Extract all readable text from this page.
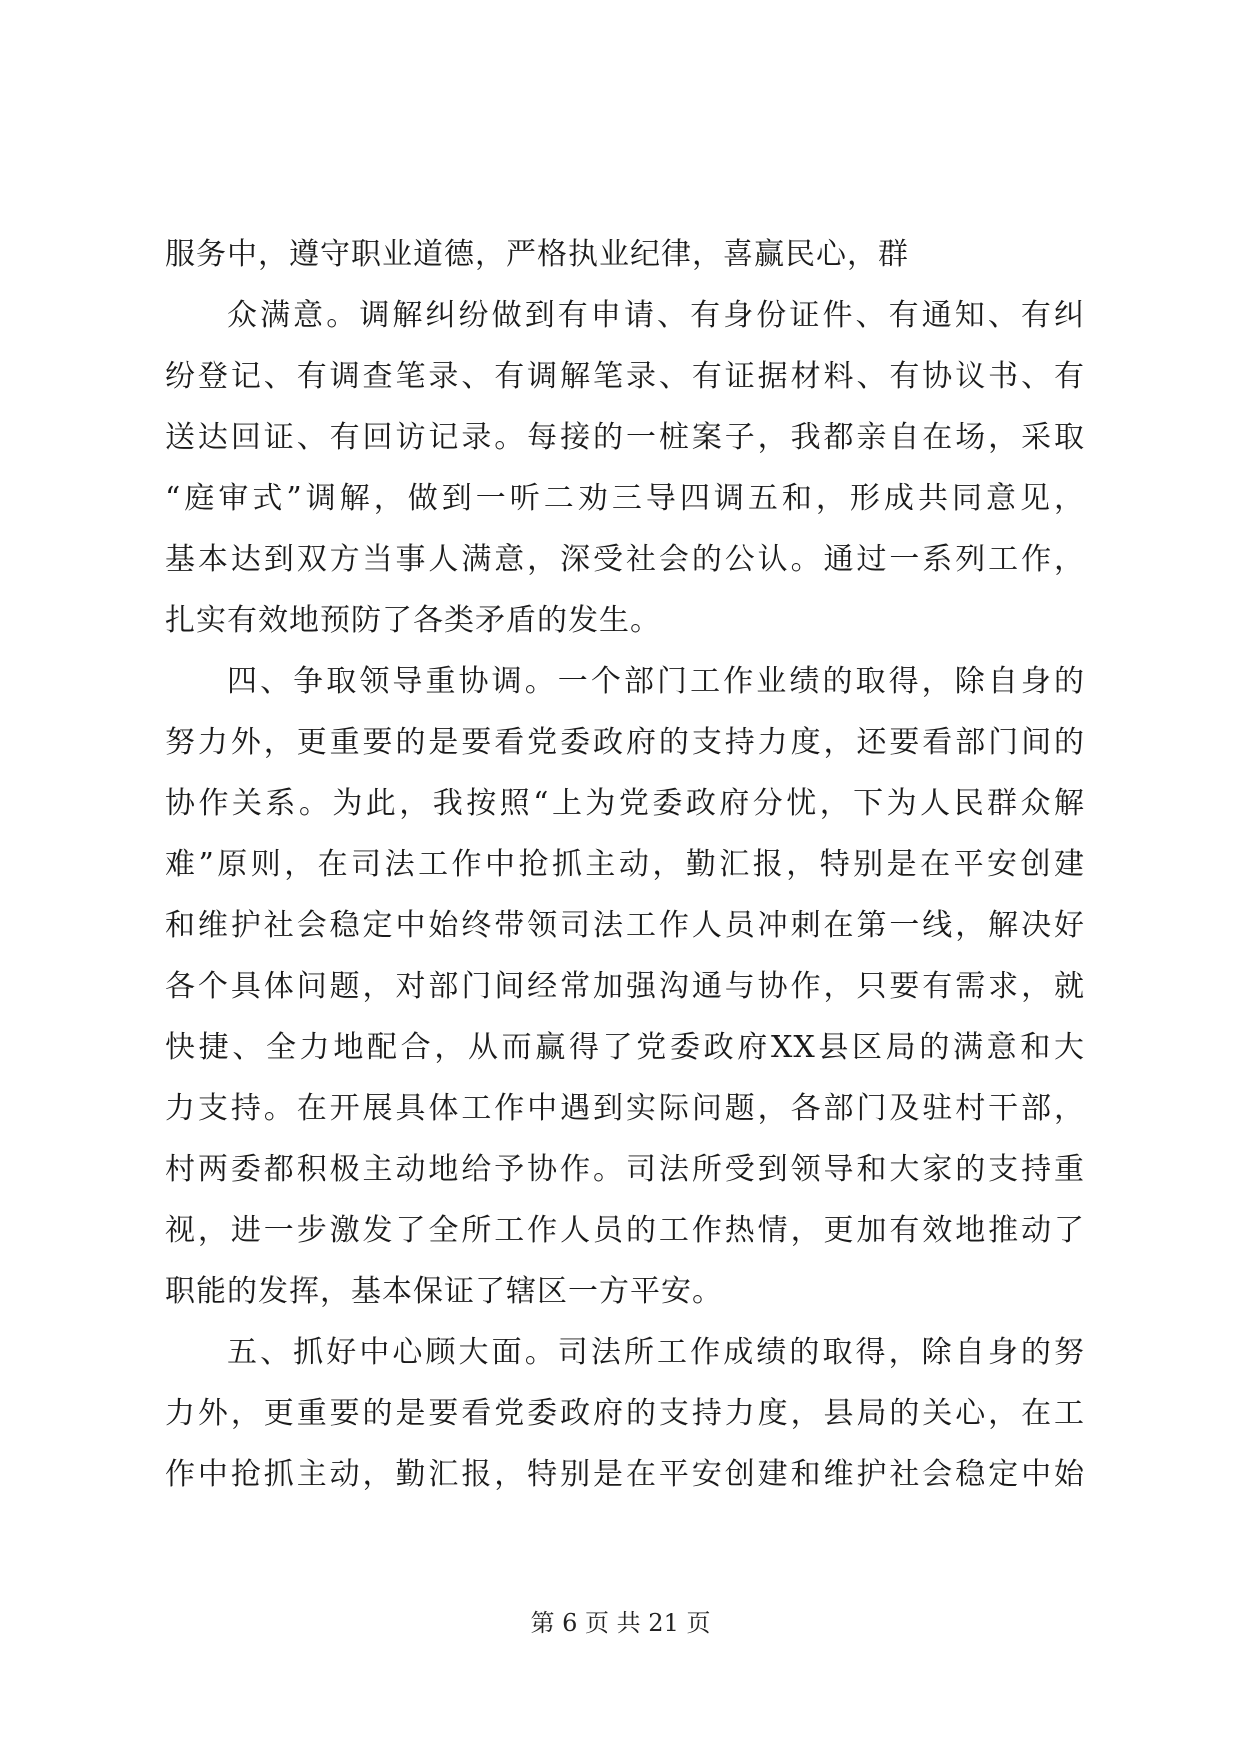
服务中，遵守职业道德，严格执业纪律，喜赢民心，群
众满意。调解纠纷做到有申请、有身份证件、有通知、有纠
纷登记、有调查笔录、有调解笔录、有证据材料、有协议书、有
送达回证、有回访记录。每接的一桩案子，我都亲自在场，采取
“庭审式”调解，做到一听二劝三导四调五和，形成共同意见，
基本达到双方当事人满意，深受社会的公认。通过一系列工作，
扎实有效地预防了各类矛盾的发生。
四、争取领导重协调。一个部门工作业绩的取得，除自身的
努力外，更重要的是要看党委政府的支持力度，还要看部门间的
协作关系。为此，我按照“上为党委政府分忧，下为人民群众解
难”原则，在司法工作中抢抓主动，勤汇报，特别是在平安创建
和维护社会稳定中始终带领司法工作人员冲刺在第一线，解决好
各个具体问题，对部门间经常加强沟通与协作，只要有需求，就
快捷、全力地配合，从而赢得了党委政府XX县区局的满意和大
力支持。在开展具体工作中遇到实际问题，各部门及驻村干部，
村两委都积极主动地给予协作。司法所受到领导和大家的支持重
视，进一步激发了全所工作人员的工作热情，更加有效地推动了
职能的发挥，基本保证了辖区一方平安。
五、抓好中心顾大面。司法所工作成绩的取得，除自身的努
力外，更重要的是要看党委政府的支持力度，县局的关心，在工
作中抢抓主动，勤汇报，特别是在平安创建和维护社会稳定中始
第 6 页 共 21 页
